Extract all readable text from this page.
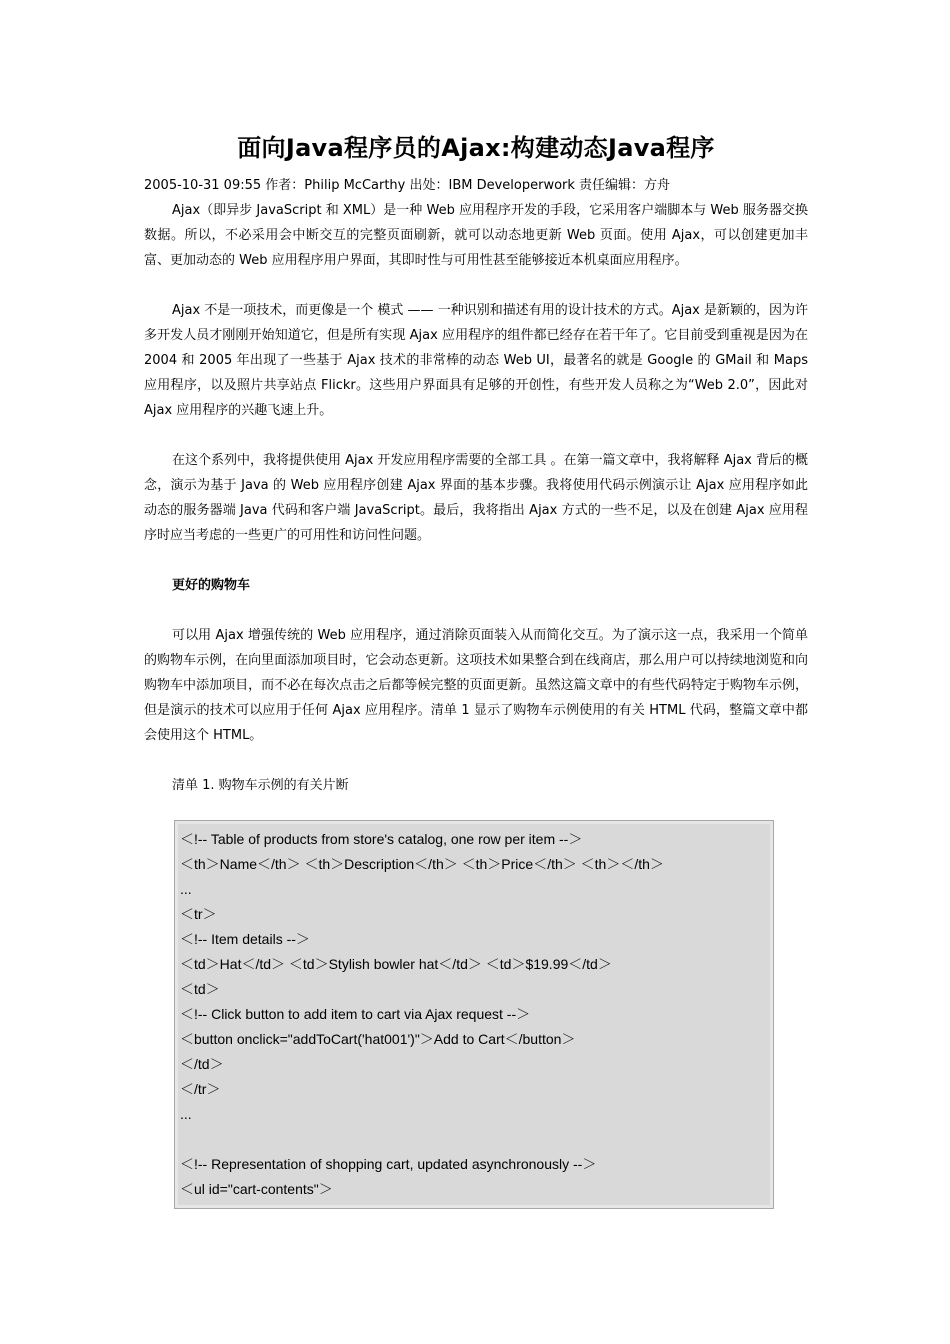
面向Java程序员的Ajax:构建动态Java程序

2005-10-31 09:55 作者：Philip McCarthy 出处：IBM Developerwork 责任编辑：方舟

Ajax（即异步 JavaScript 和 XML）是一种 Web 应用程序开发的手段，它采用客户端脚本与 Web 服务器交换数据。所以，不必采用会中断交互的完整页面刷新，就可以动态地更新 Web 页面。使用 Ajax，可以创建更加丰富、更加动态的 Web 应用程序用户界面，其即时性与可用性甚至能够接近本机桌面应用程序。

Ajax 不是一项技术，而更像是一个 模式 —— 一种识别和描述有用的设计技术的方式。Ajax 是新颖的，因为许多开发人员才刚刚开始知道它，但是所有实现 Ajax 应用程序的组件都已经存在若干年了。它目前受到重视是因为在 2004 和 2005 年出现了一些基于 Ajax 技术的非常棒的动态 Web UI，最著名的就是 Google 的 GMail 和 Maps 应用程序，以及照片共享站点 Flickr。这些用户界面具有足够的开创性，有些开发人员称之为“Web 2.0”，因此对 Ajax 应用程序的兴趣飞速上升。

在这个系列中，我将提供使用 Ajax 开发应用程序需要的全部工具 。在第一篇文章中，我将解释 Ajax 背后的概念，演示为基于 Java 的 Web 应用程序创建 Ajax 界面的基本步骤。我将使用代码示例演示让 Ajax 应用程序如此动态的服务器端 Java 代码和客户端 JavaScript。最后，我将指出 Ajax 方式的一些不足，以及在创建 Ajax 应用程序时应当考虑的一些更广的可用性和访问性问题。

更好的购物车

可以用 Ajax 增强传统的 Web 应用程序，通过消除页面装入从而简化交互。为了演示这一点，我采用一个简单的购物车示例，在向里面添加项目时，它会动态更新。这项技术如果整合到在线商店，那么用户可以持续地浏览和向购物车中添加项目，而不必在每次点击之后都等候完整的页面更新。虽然这篇文章中的有些代码特定于购物车示例，但是演示的技术可以应用于任何 Ajax 应用程序。清单 1 显示了购物车示例使用的有关 HTML 代码，整篇文章中都会使用这个 HTML。

清单 1. 购物车示例的有关片断

＜!-- Table of products from store's catalog, one row per item --＞
＜th＞Name＜/th＞ ＜th＞Description＜/th＞ ＜th＞Price＜/th＞ ＜th＞＜/th＞
...
＜tr＞
＜!-- Item details --＞
＜td＞Hat＜/td＞ ＜td＞Stylish bowler hat＜/td＞ ＜td＞$19.99＜/td＞
＜td＞
＜!-- Click button to add item to cart via Ajax request --＞
＜button onclick="addToCart('hat001')"＞Add to Cart＜/button＞
＜/td＞
＜/tr＞
...
＜!-- Representation of shopping cart, updated asynchronously --＞
＜ul id="cart-contents"＞
